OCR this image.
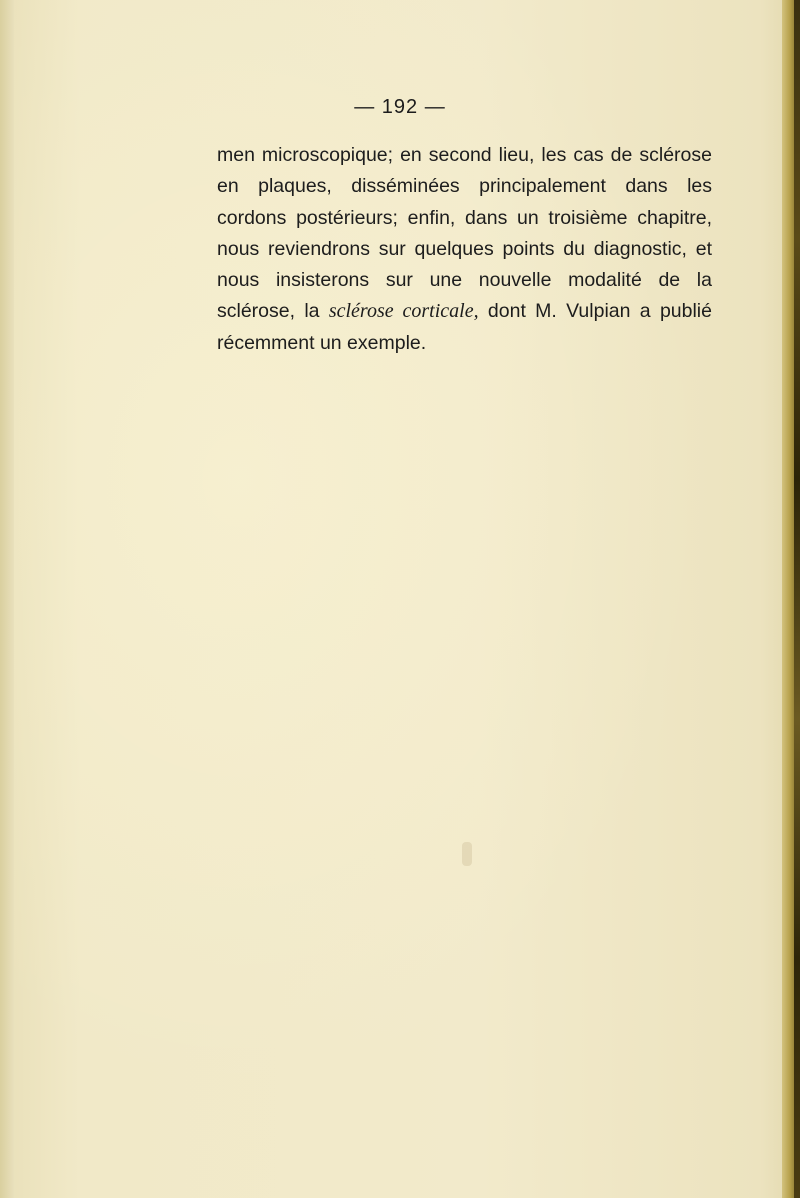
— 192 —

men microscopique; en second lieu, les cas de sclérose en plaques, disséminées principalement dans les cordons postérieurs; enfin, dans un troisième chapitre, nous reviendrons sur quelques points du diagnostic, et nous insisterons sur une nouvelle modalité de la sclérose, la sclérose corticale, dont M. Vulpian a publié récemment un exemple.
